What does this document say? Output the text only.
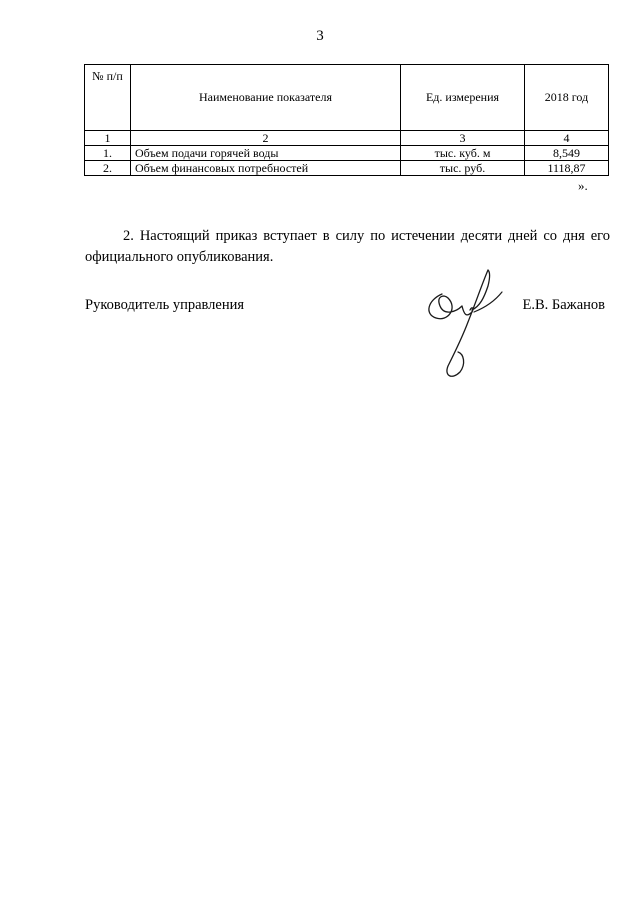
3
№ п/п	Наименование показателя	Ед. измерения	2018 год
1	2	3	4
1.	Объем подачи горячей воды	тыс. куб. м	8,549
2.	Объем финансовых потребностей	тыс. руб.	1118,87
».
2. Настоящий приказ вступает в силу по истечении десяти дней со дня его
официального опубликования.
Руководитель управления	Е.В. Бажанов
